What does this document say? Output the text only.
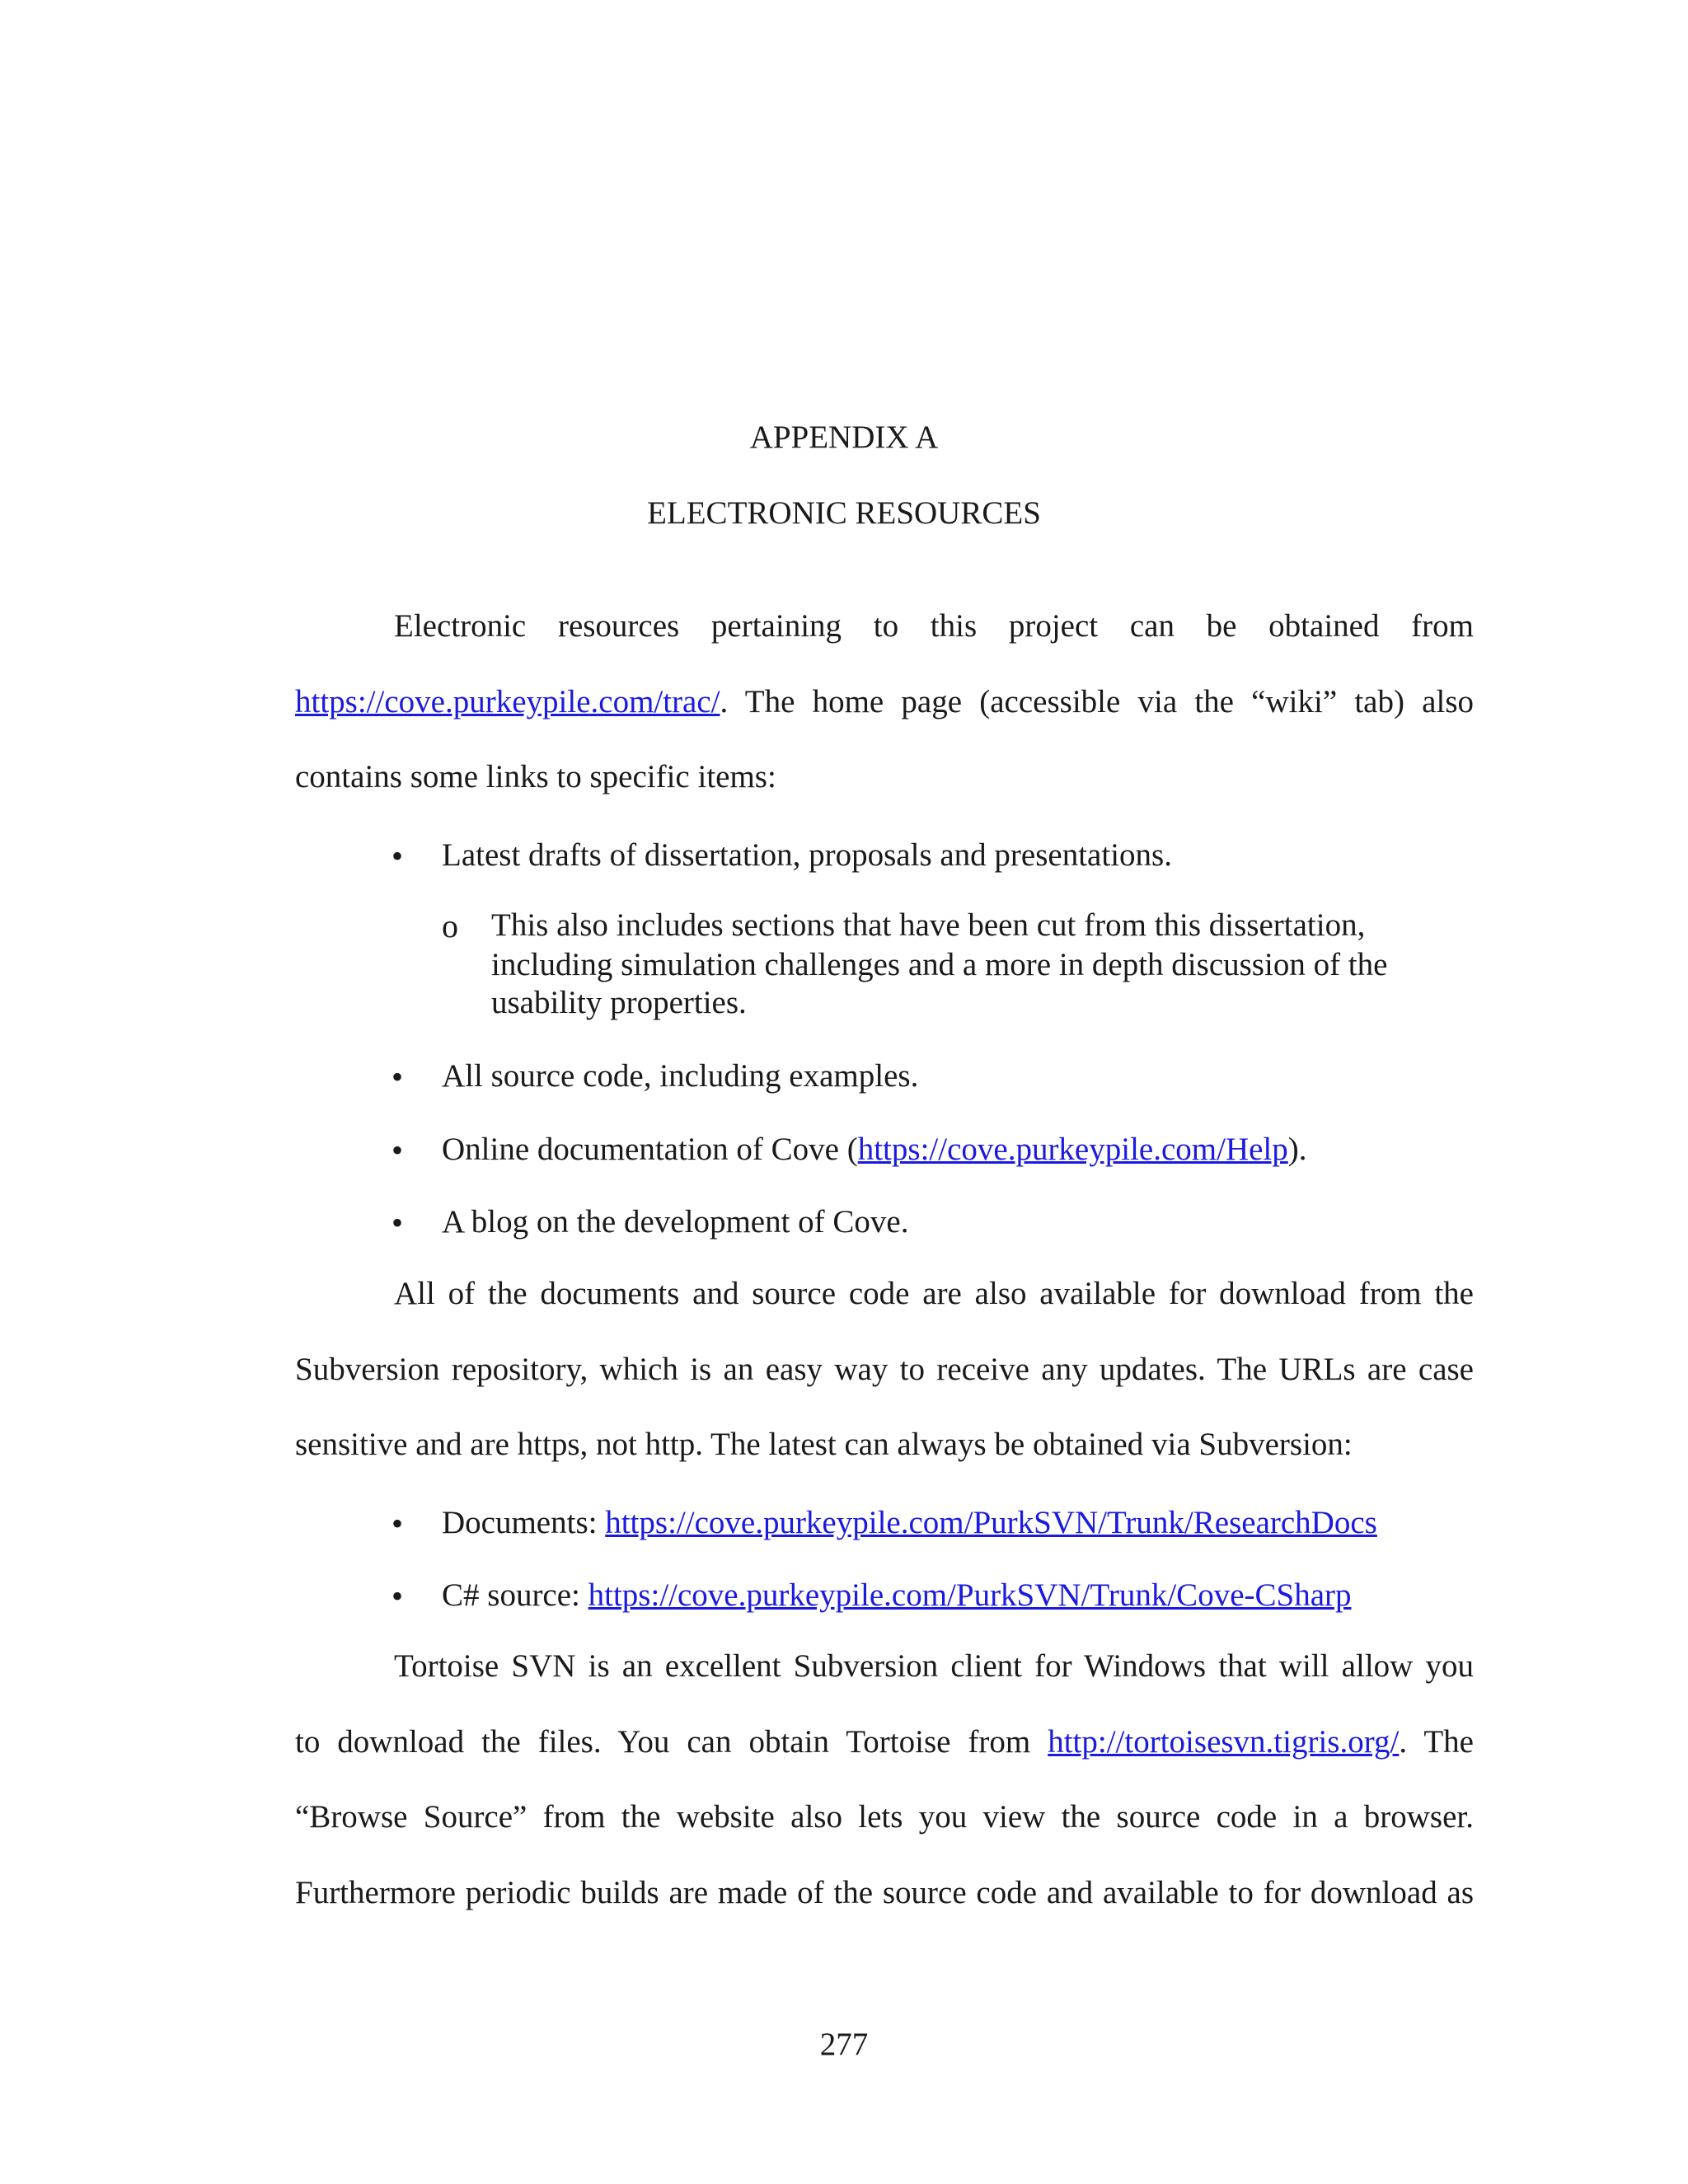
APPENDIX A
ELECTRONIC RESOURCES
Electronic resources pertaining to this project can be obtained from
https://cove.purkeypile.com/trac/. The home page (accessible via the “wiki” tab) also
contains some links to specific items:
• Latest drafts of dissertation, proposals and presentations.
o This also includes sections that have been cut from this dissertation,
including simulation challenges and a more in depth discussion of the
usability properties.
• All source code, including examples.
• Online documentation of Cove (https://cove.purkeypile.com/Help).
• A blog on the development of Cove.
All of the documents and source code are also available for download from the
Subversion repository, which is an easy way to receive any updates. The URLs are case
sensitive and are https, not http. The latest can always be obtained via Subversion:
• Documents: https://cove.purkeypile.com/PurkSVN/Trunk/ResearchDocs
• C# source: https://cove.purkeypile.com/PurkSVN/Trunk/Cove-CSharp
Tortoise SVN is an excellent Subversion client for Windows that will allow you
to download the files. You can obtain Tortoise from http://tortoisesvn.tigris.org/. The
“Browse Source” from the website also lets you view the source code in a browser.
Furthermore periodic builds are made of the source code and available to for download as
277
